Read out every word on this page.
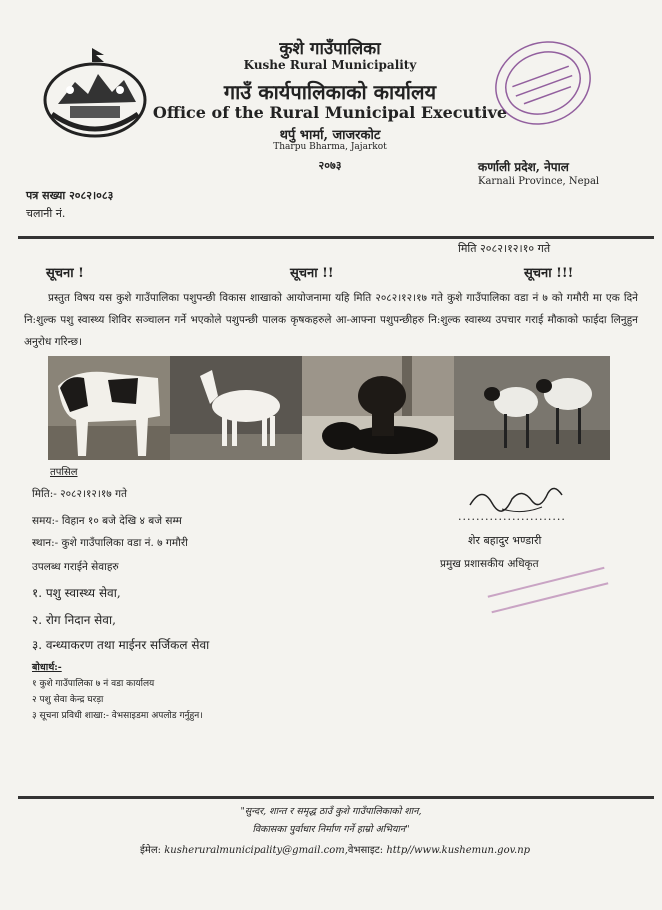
कुशे गाउँपालिका
Kushe Rural Municipality
गाउँ कार्यपालिकाको कार्यालय
Office of the Rural Municipal Executive
थर्पु भार्मा, जाजरकोट
Tharpu Bharma, Jajarkot
२०७३	कर्णाली प्रदेश, नेपाल
Karnali Province, Nepal
पत्र सख्या २०८२।०८३
चलानी नं.
मिति २०८२।१२।१० गते
सूचना !	सूचना !!	सूचना !!!
प्रस्तुत विषय यस कुशे गाउँपालिका पशुपन्छी विकास शाखाको आयोजनामा यहि मिति २०८२।१२।१७ गते कुशे गाउँपालिका वडा नं ७ को गमौरी मा एक दिने नि:शुल्क पशु स्वास्थ्य शिविर सञ्चालन गर्ने भएकोले पशुपन्छी पालक कृषकहरुले आ-आफ्ना पशुपन्छीहरु नि:शुल्क स्वास्थ्य उपचार गराई मौकाको फाईदा लिनुहुन अनुरोध गरिन्छ।
तपसिल
मिति:- २०८२।१२।१७ गते
समय:- विहान १० बजे देखि ४ बजे सम्म
स्थान:- कुशे गाउँपालिका वडा नं. ७ गमौरी
उपलब्ध गराईने सेवाहरु
१. पशु स्वास्थ्य सेवा,
२. रोग निदान सेवा,
३. वन्ध्याकरण तथा माईनर सर्जिकल सेवा
........................
शेर बहादुर भण्डारी
प्रमुख प्रशासकीय अधिकृत
बोधार्थ:-
१ कुशे गाउँपालिका ७ नं वडा कार्यालय
२ पशु सेवा केन्द्र घरड़ा
३ सूचना प्रविधी शाखा:- वेभसाइडमा अपलोड गर्नुहुन।
"सुन्दर, शान्त र समृद्ध ठाउँ कुशे गाउँपालिकाको शान,
विकासका पुर्वाधार निर्माण गर्ने हाम्रो अभियान"
ईमेल: kusheruralmunicipality@gmail.com,वेभसाइट: http//www.kushemun.gov.np
